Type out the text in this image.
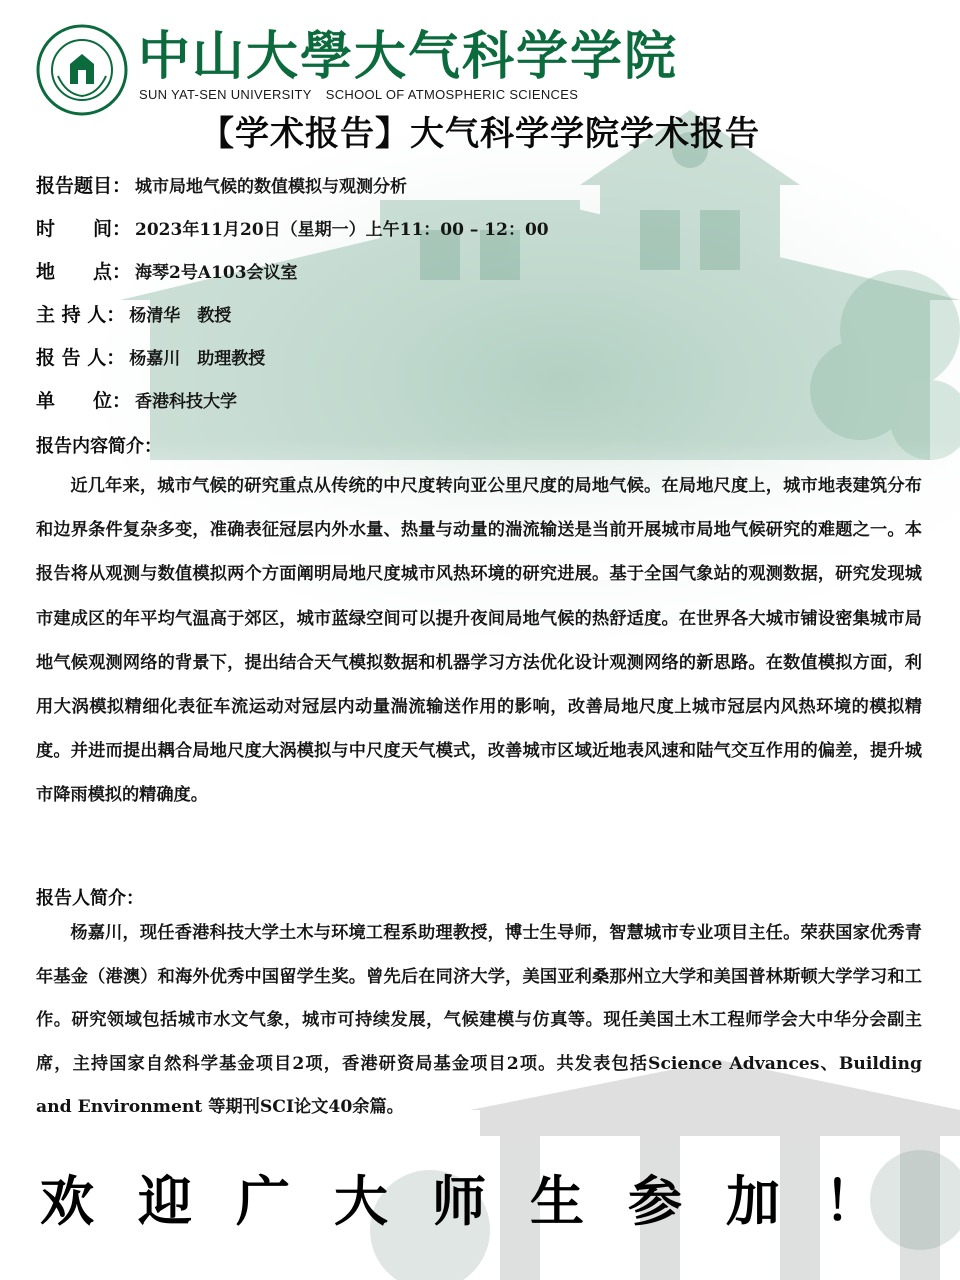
中山大學大气科学学院
SUN YAT-SEN UNIVERSITY SCHOOL OF ATMOSPHERIC SCIENCES
【学术报告】大气科学学院学术报告
报告题目： 城市局地气候的数值模拟与观测分析
时　　间： 2023年11月20日（星期一）上午11：00 – 12：00
地　　点： 海琴2号A103会议室
主 持 人： 杨清华　教授
报 告 人： 杨嘉川　助理教授
单　　位： 香港科技大学
报告内容简介：
近几年来，城市气候的研究重点从传统的中尺度转向亚公里尺度的局地气候。在局地尺度上，城市地表建筑分布和边界条件复杂多变，准确表征冠层内外水量、热量与动量的湍流输送是当前开展城市局地气候研究的难题之一。本报告将从观测与数值模拟两个方面阐明局地尺度城市风热环境的研究进展。基于全国气象站的观测数据，研究发现城市建成区的年平均气温高于郊区，城市蓝绿空间可以提升夜间局地气候的热舒适度。在世界各大城市铺设密集城市局地气候观测网络的背景下，提出结合天气模拟数据和机器学习方法优化设计观测网络的新思路。在数值模拟方面，利用大涡模拟精细化表征车流运动对冠层内动量湍流输送作用的影响，改善局地尺度上城市冠层内风热环境的模拟精度。并进而提出耦合局地尺度大涡模拟与中尺度天气模式，改善城市区域近地表风速和陆气交互作用的偏差，提升城市降雨模拟的精确度。
报告人简介：
杨嘉川，现任香港科技大学土木与环境工程系助理教授，博士生导师，智慧城市专业项目主任。荣获国家优秀青年基金（港澳）和海外优秀中国留学生奖。曾先后在同济大学，美国亚利桑那州立大学和美国普林斯顿大学学习和工作。研究领域包括城市水文气象，城市可持续发展，气候建模与仿真等。现任美国土木工程师学会大中华分会副主席，主持国家自然科学基金项目2项，香港研资局基金项目2项。共发表包括Science Advances、Building and Environment 等期刊SCI论文40余篇。
欢迎广大师生参加！
